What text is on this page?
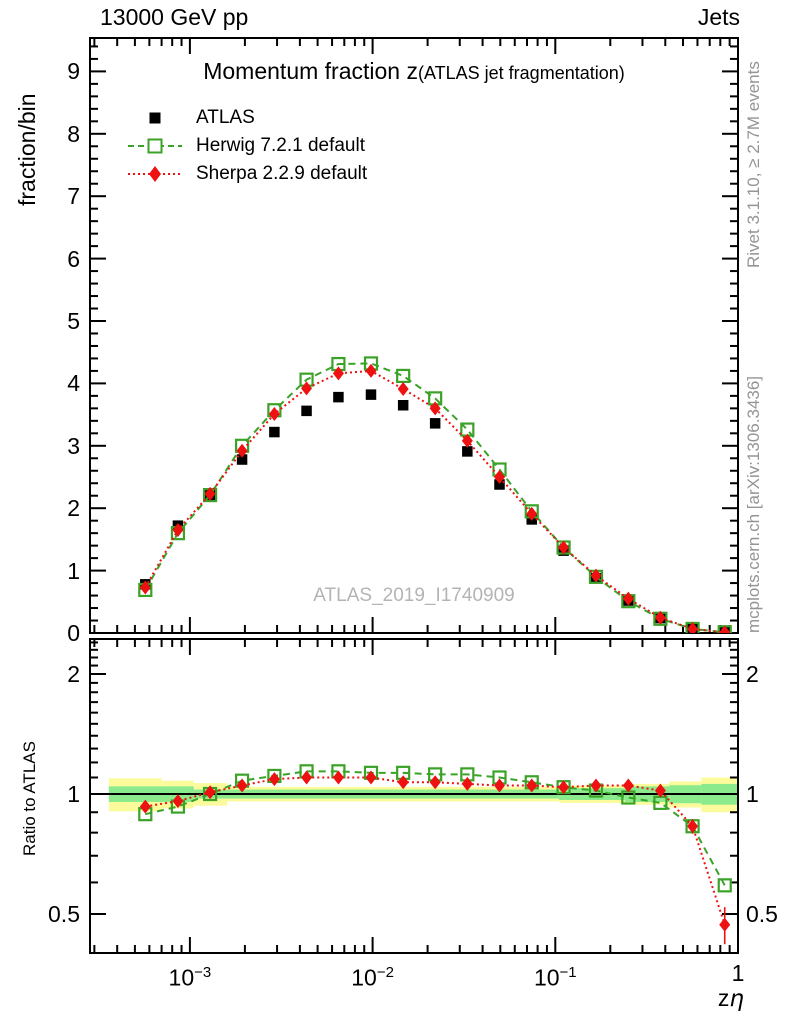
13000 GeV pp	Jets
Momentum fraction z(ATLAS jet fragmentation)
ATLAS
Herwig 7.2.1 default
Sherpa 2.2.9 default
ATLAS_2019_I1740909
fraction/bin
Ratio to ATLAS
Rivet 3.1.10, ≥ 2.7M events
mcplots.cern.ch [arXiv:1306.3436]
zη
0
1
2
3
4
5
6
7
8
9
2	2
1	1
0.5	0.5
$10^{-3}$	$10^{-2}$	$10^{-1}$	1
